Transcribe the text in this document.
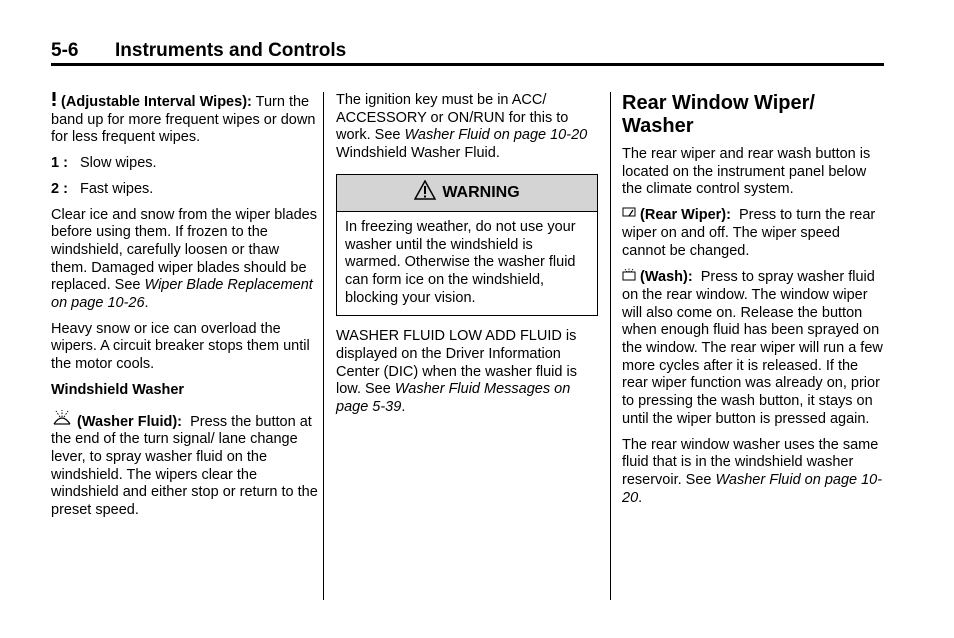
5-6 Instruments and Controls

(Adjustable Interval Wipes): Turn the band up for more frequent wipes or down for less frequent wipes.

1 : Slow wipes.

2 : Fast wipes.

Clear ice and snow from the wiper blades before using them. If frozen to the windshield, carefully loosen or thaw them. Damaged wiper blades should be replaced. See Wiper Blade Replacement on page 10-26.

Heavy snow or ice can overload the wipers. A circuit breaker stops them until the motor cools.

Windshield Washer

(Washer Fluid): Press the button at the end of the turn signal/ lane change lever, to spray washer fluid on the windshield. The wipers clear the windshield and either stop or return to the preset speed.

The ignition key must be in ACC/ ACCESSORY or ON/RUN for this to work. See Washer Fluid on page 10-20 Windshield Washer Fluid.

WARNING
In freezing weather, do not use your washer until the windshield is warmed. Otherwise the washer fluid can form ice on the windshield, blocking your vision.

WASHER FLUID LOW ADD FLUID is displayed on the Driver Information Center (DIC) when the washer fluid is low. See Washer Fluid Messages on page 5-39.

Rear Window Wiper/ Washer

The rear wiper and rear wash button is located on the instrument panel below the climate control system.

(Rear Wiper): Press to turn the rear wiper on and off. The wiper speed cannot be changed.

(Wash): Press to spray washer fluid on the rear window. The window wiper will also come on. Release the button when enough fluid has been sprayed on the window. The rear wiper will run a few more cycles after it is released. If the rear wiper function was already on, prior to pressing the wash button, it stays on until the wiper button is pressed again.

The rear window washer uses the same fluid that is in the windshield washer reservoir. See Washer Fluid on page 10-20.
